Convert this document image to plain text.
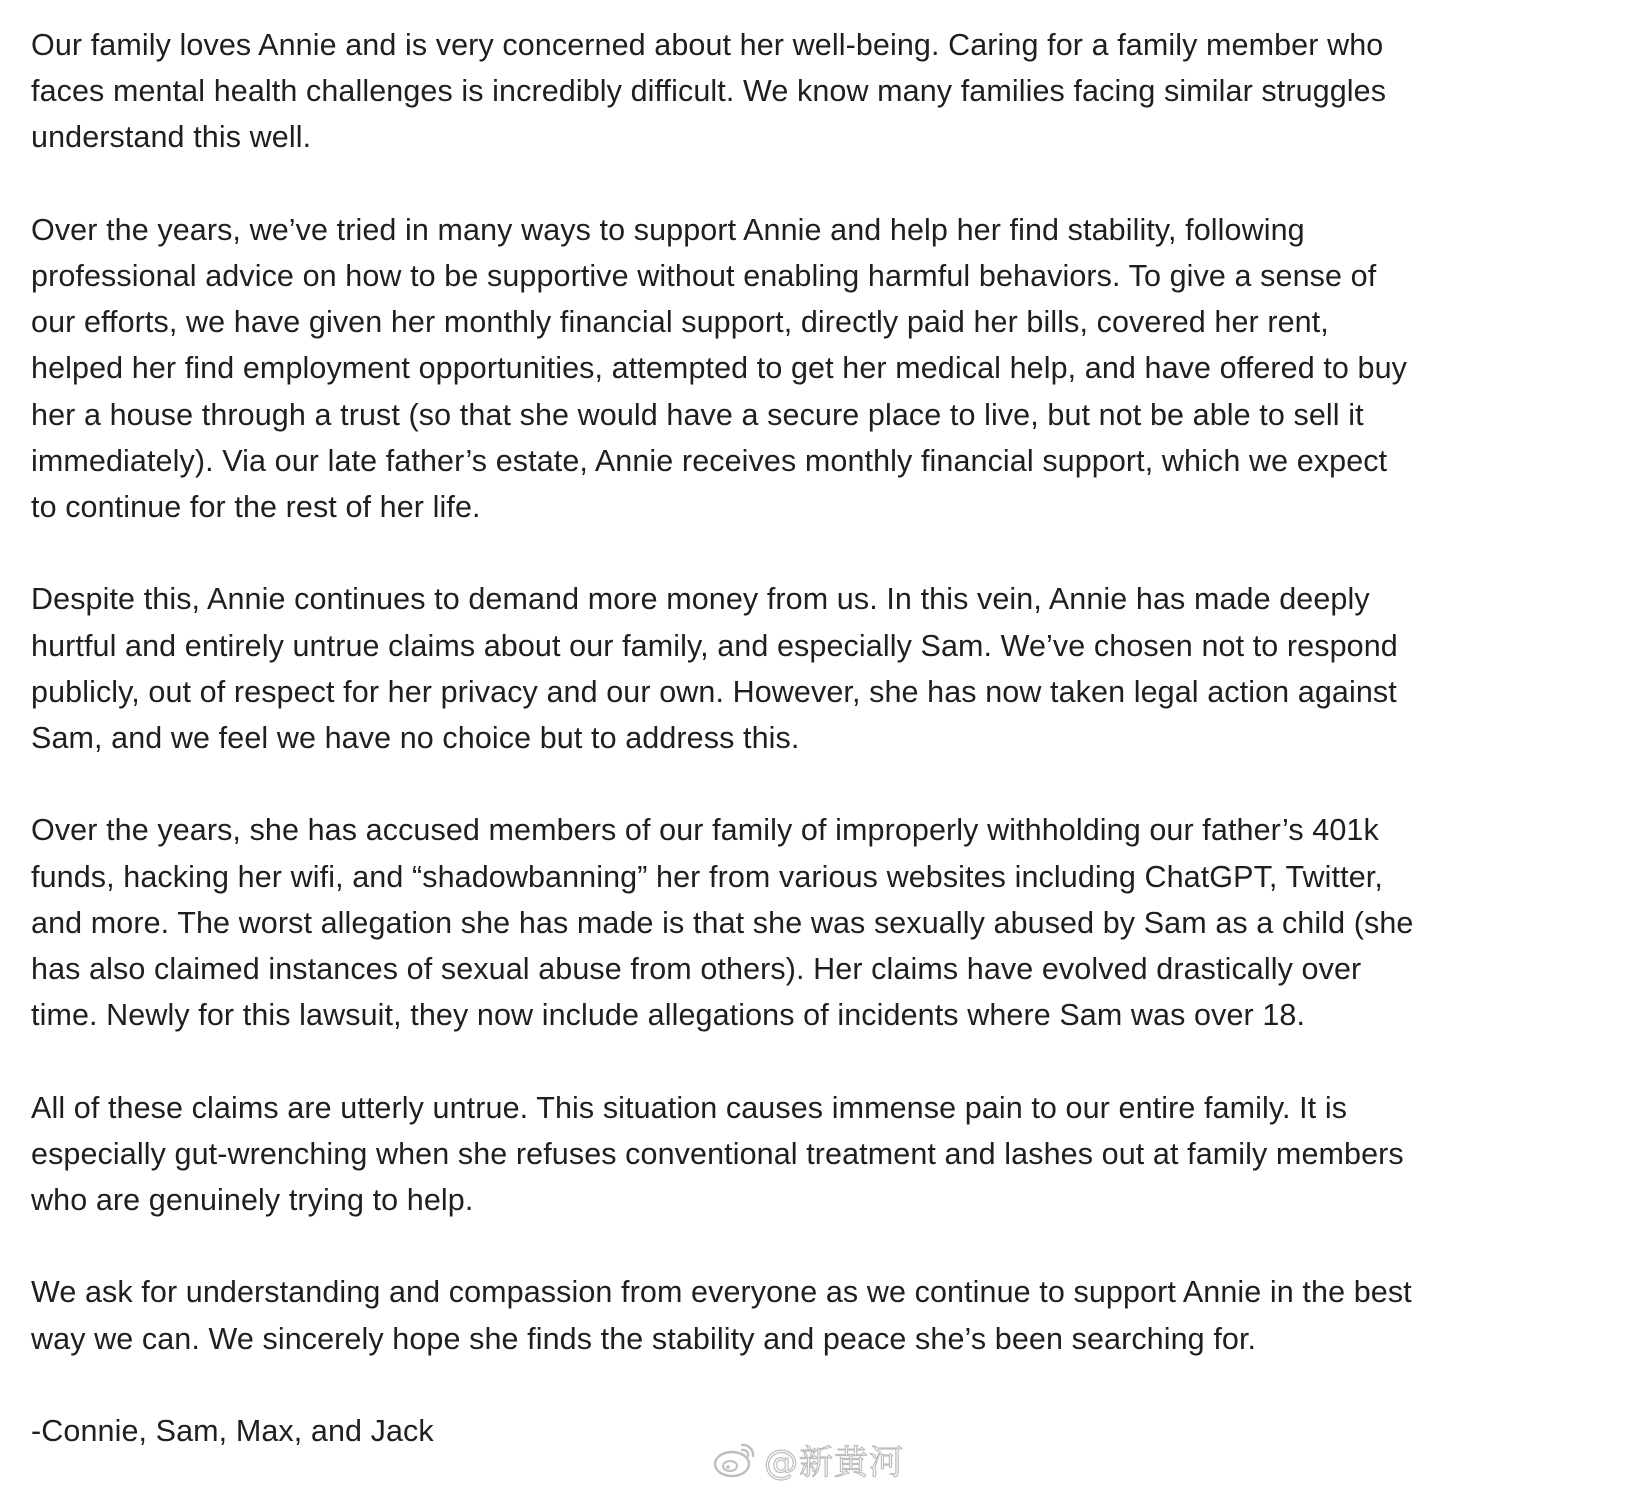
Our family loves Annie and is very concerned about her well-being. Caring for a family member who
faces mental health challenges is incredibly difficult. We know many families facing similar struggles
understand this well.

Over the years, we’ve tried in many ways to support Annie and help her find stability, following
professional advice on how to be supportive without enabling harmful behaviors. To give a sense of
our efforts, we have given her monthly financial support, directly paid her bills, covered her rent,
helped her find employment opportunities, attempted to get her medical help, and have offered to buy
her a house through a trust (so that she would have a secure place to live, but not be able to sell it
immediately). Via our late father’s estate, Annie receives monthly financial support, which we expect
to continue for the rest of her life.

Despite this, Annie continues to demand more money from us. In this vein, Annie has made deeply
hurtful and entirely untrue claims about our family, and especially Sam. We’ve chosen not to respond
publicly, out of respect for her privacy and our own. However, she has now taken legal action against
Sam, and we feel we have no choice but to address this.

Over the years, she has accused members of our family of improperly withholding our father’s 401k
funds, hacking her wifi, and “shadowbanning” her from various websites including ChatGPT, Twitter,
and more. The worst allegation she has made is that she was sexually abused by Sam as a child (she
has also claimed instances of sexual abuse from others). Her claims have evolved drastically over
time. Newly for this lawsuit, they now include allegations of incidents where Sam was over 18.

All of these claims are utterly untrue. This situation causes immense pain to our entire family. It is
especially gut-wrenching when she refuses conventional treatment and lashes out at family members
who are genuinely trying to help.

We ask for understanding and compassion from everyone as we continue to support Annie in the best
way we can. We sincerely hope she finds the stability and peace she’s been searching for.

-Connie, Sam, Max, and Jack

@新黄河
